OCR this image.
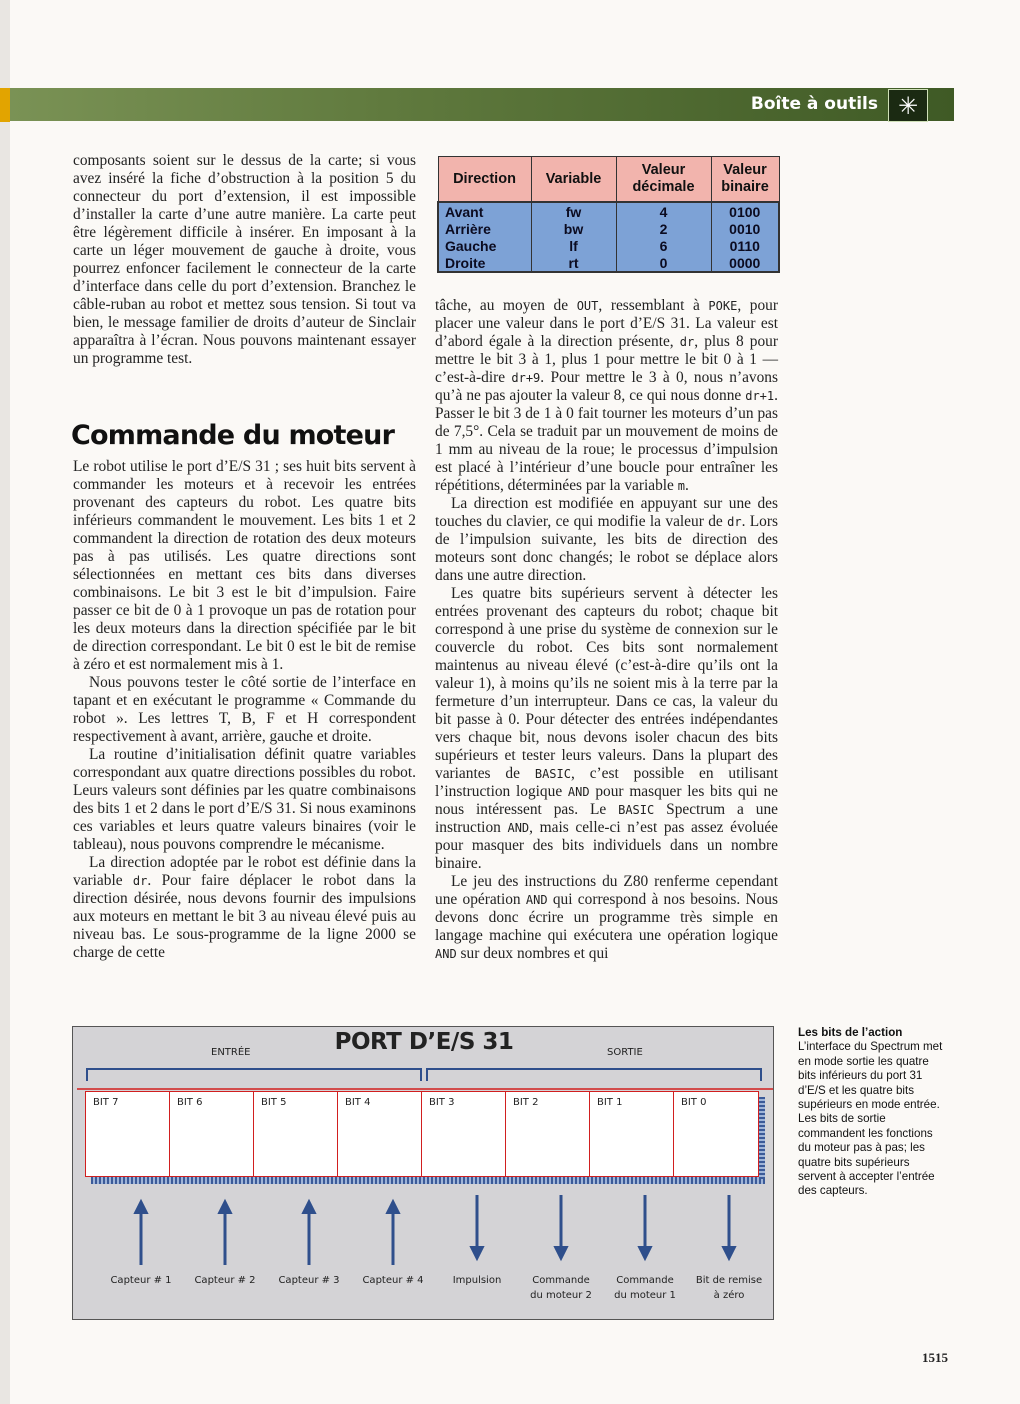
Boîte à outils ✳

composants soient sur le dessus de la carte; si vous avez inséré la fiche d’obstruction à la position 5 du connecteur du port d’extension, il est impossible d’installer la carte d’une autre manière. La carte peut être légèrement difficile à insérer. En imposant à la carte un léger mouvement de gauche à droite, vous pourrez enfoncer facilement le connecteur de la carte d’interface dans celle du port d’extension. Branchez le câble-ruban au robot et mettez sous tension. Si tout va bien, le message familier de droits d’auteur de Sinclair apparaîtra à l’écran. Nous pouvons maintenant essayer un programme test.

Commande du moteur

Le robot utilise le port d’E/S 31 ; ses huit bits servent à commander les moteurs et à recevoir les entrées provenant des capteurs du robot. Les quatre bits inférieurs commandent le mouvement. Les bits 1 et 2 commandent la direction de rotation des deux moteurs pas à pas utilisés. Les quatre directions sont sélectionnées en mettant ces bits dans diverses combinaisons. Le bit 3 est le bit d’impulsion. Faire passer ce bit de 0 à 1 provoque un pas de rotation pour les deux moteurs dans la direction spécifiée par le bit de direction correspondant. Le bit 0 est le bit de remise à zéro et est normalement mis à 1.

Nous pouvons tester le côté sortie de l’interface en tapant et en exécutant le programme « Commande du robot ». Les lettres T, B, F et H correspondent respectivement à avant, arrière, gauche et droite.

La routine d’initialisation définit quatre variables correspondant aux quatre directions possibles du robot. Leurs valeurs sont définies par les quatre combinaisons des bits 1 et 2 dans le port d’E/S 31. Si nous examinons ces variables et leurs quatre valeurs binaires (voir le tableau), nous pouvons comprendre le mécanisme.

La direction adoptée par le robot est définie dans la variable dr. Pour faire déplacer le robot dans la direction désirée, nous devons fournir des impulsions aux moteurs en mettant le bit 3 au niveau élevé puis au niveau bas. Le sous-programme de la ligne 2000 se charge de cette

Direction	Variable	Valeur décimale	Valeur binaire
Avant	fw	4	0100
Arrière	bw	2	0010
Gauche	lf	6	0110
Droite	rt	0	0000

tâche, au moyen de OUT, ressemblant à POKE, pour placer une valeur dans le port d’E/S 31. La valeur est d’abord égale à la direction présente, dr, plus 8 pour mettre le bit 3 à 1, plus 1 pour mettre le bit 0 à 1 — c’est-à-dire dr+9. Pour mettre le 3 à 0, nous n’avons qu’à ne pas ajouter la valeur 8, ce qui nous donne dr+1. Passer le bit 3 de 1 à 0 fait tourner les moteurs d’un pas de 7,5°. Cela se traduit par un mouvement de moins de 1 mm au niveau de la roue; le processus d’impulsion est placé à l’intérieur d’une boucle pour entraîner les répétitions, déterminées par la variable m.

La direction est modifiée en appuyant sur une des touches du clavier, ce qui modifie la valeur de dr. Lors de l’impulsion suivante, les bits de direction des moteurs sont donc changés; le robot se déplace alors dans une autre direction.

Les quatre bits supérieurs servent à détecter les entrées provenant des capteurs du robot; chaque bit correspond à une prise du système de connexion sur le couvercle du robot. Ces bits sont normalement maintenus au niveau élevé (c’est-à-dire qu’ils ont la valeur 1), à moins qu’ils ne soient mis à la terre par la fermeture d’un interrupteur. Dans ce cas, la valeur du bit passe à 0. Pour détecter des entrées indépendantes vers chaque bit, nous devons isoler chacun des bits supérieurs et tester leurs valeurs. Dans la plupart des variantes de BASIC, c’est possible en utilisant l’instruction logique AND pour masquer les bits qui ne nous intéressent pas. Le BASIC Spectrum a une instruction AND, mais celle-ci n’est pas assez évoluée pour masquer des bits individuels dans un nombre binaire.

Le jeu des instructions du Z80 renferme cependant une opération AND qui correspond à nos besoins. Nous devons donc écrire un programme très simple en langage machine qui exécutera une opération logique AND sur deux nombres et qui

PORT D’E/S 31
ENTRÉE	SORTIE
BIT 7	BIT 6	BIT 5	BIT 4	BIT 3	BIT 2	BIT 1	BIT 0
Capteur # 1	Capteur # 2	Capteur # 3	Capteur # 4	Impulsion	Commande
du moteur 2
Commande
du moteur 1
Bit de remise
à zéro
Les bits de l’action
L’interface du Spectrum met en mode sortie les quatre bits inférieurs du port 31 d’E/S et les quatre bits supérieurs en mode entrée. Les bits de sortie commandent les fonctions du moteur pas à pas; les quatre bits supérieurs servent à accepter l’entrée des capteurs.
1515
